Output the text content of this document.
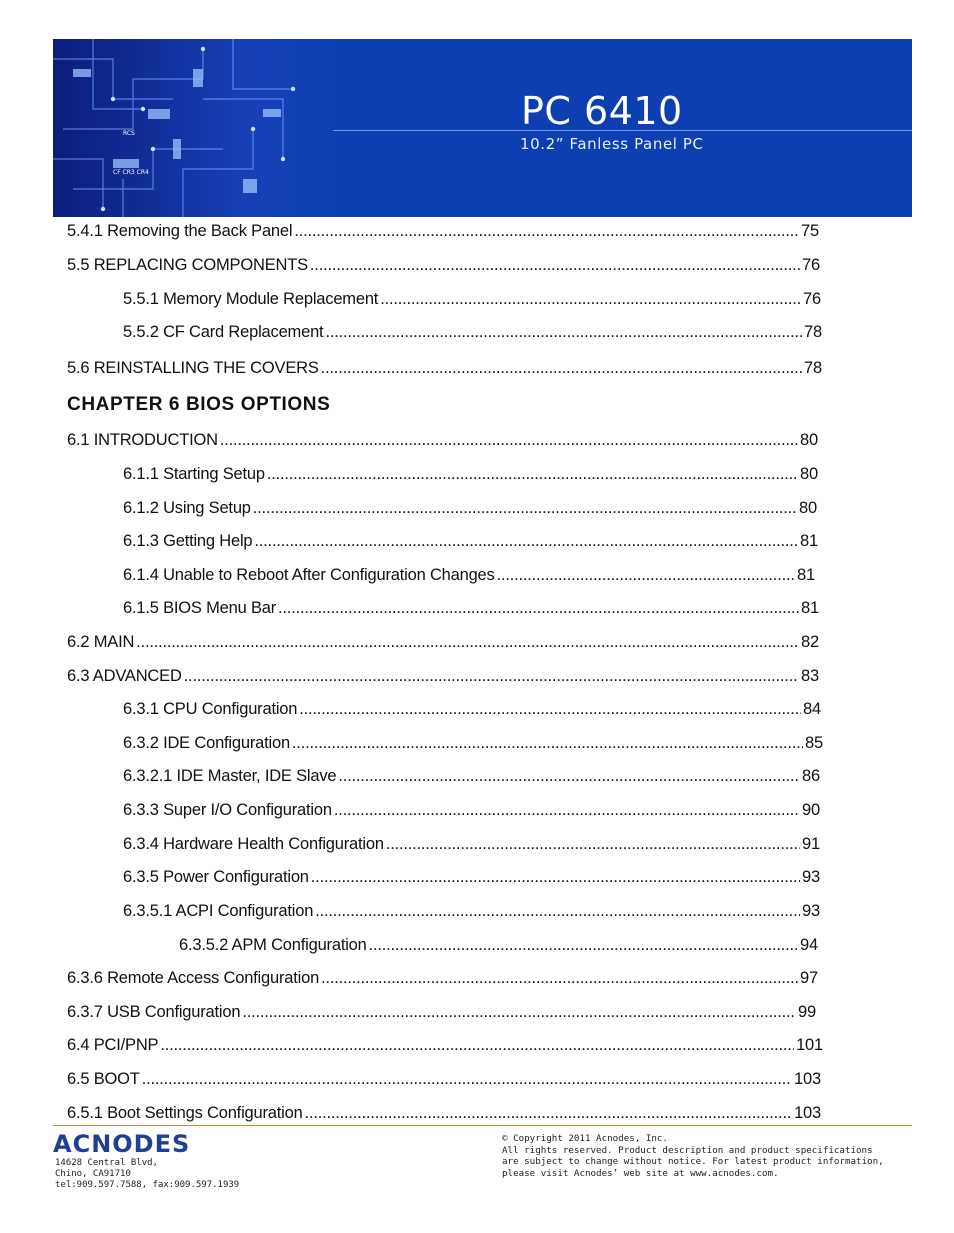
RCS
CF CR3 CR4
PC 6410
10.2” Fanless Panel PC
5.4.1 Removing the Back Panel .....	75
5.5 REPLACING COMPONENTS .....	76
5.5.1 Memory Module Replacement .....	76
5.5.2 CF Card Replacement .....	78
5.6 REINSTALLING THE COVERS .....	78
CHAPTER 6 BIOS OPTIONS
6.1 INTRODUCTION .....	80
6.1.1 Starting Setup .....	80
6.1.2 Using Setup .....	80
6.1.3 Getting Help .....	81
6.1.4 Unable to Reboot After Configuration Changes .....	81
6.1.5 BIOS Menu Bar .....	81
6.2 MAIN .....	82
6.3 ADVANCED .....	83
6.3.1 CPU Configuration .....	84
6.3.2 IDE Configuration .....	85
6.3.2.1 IDE Master, IDE Slave .....	86
6.3.3 Super I/O Configuration .....	90
6.3.4 Hardware Health Configuration .....	91
6.3.5 Power Configuration .....	93
6.3.5.1 ACPI Configuration .....	93
6.3.5.2 APM Configuration .....	94
6.3.6 Remote Access Configuration .....	97
6.3.7 USB Configuration .....	99
6.4 PCI/PNP .....	101
6.5 BOOT .....	103
6.5.1 Boot Settings Configuration .....	103
ACNODES
14628 Central Blvd,
Chino, CA91710
tel:909.597.7588, fax:909.597.1939
© Copyright 2011 Acnodes, Inc.
All rights reserved. Product description and product specifications
are subject to change without notice. For latest product information,
please visit Acnodes’ web site at www.acnodes.com.
